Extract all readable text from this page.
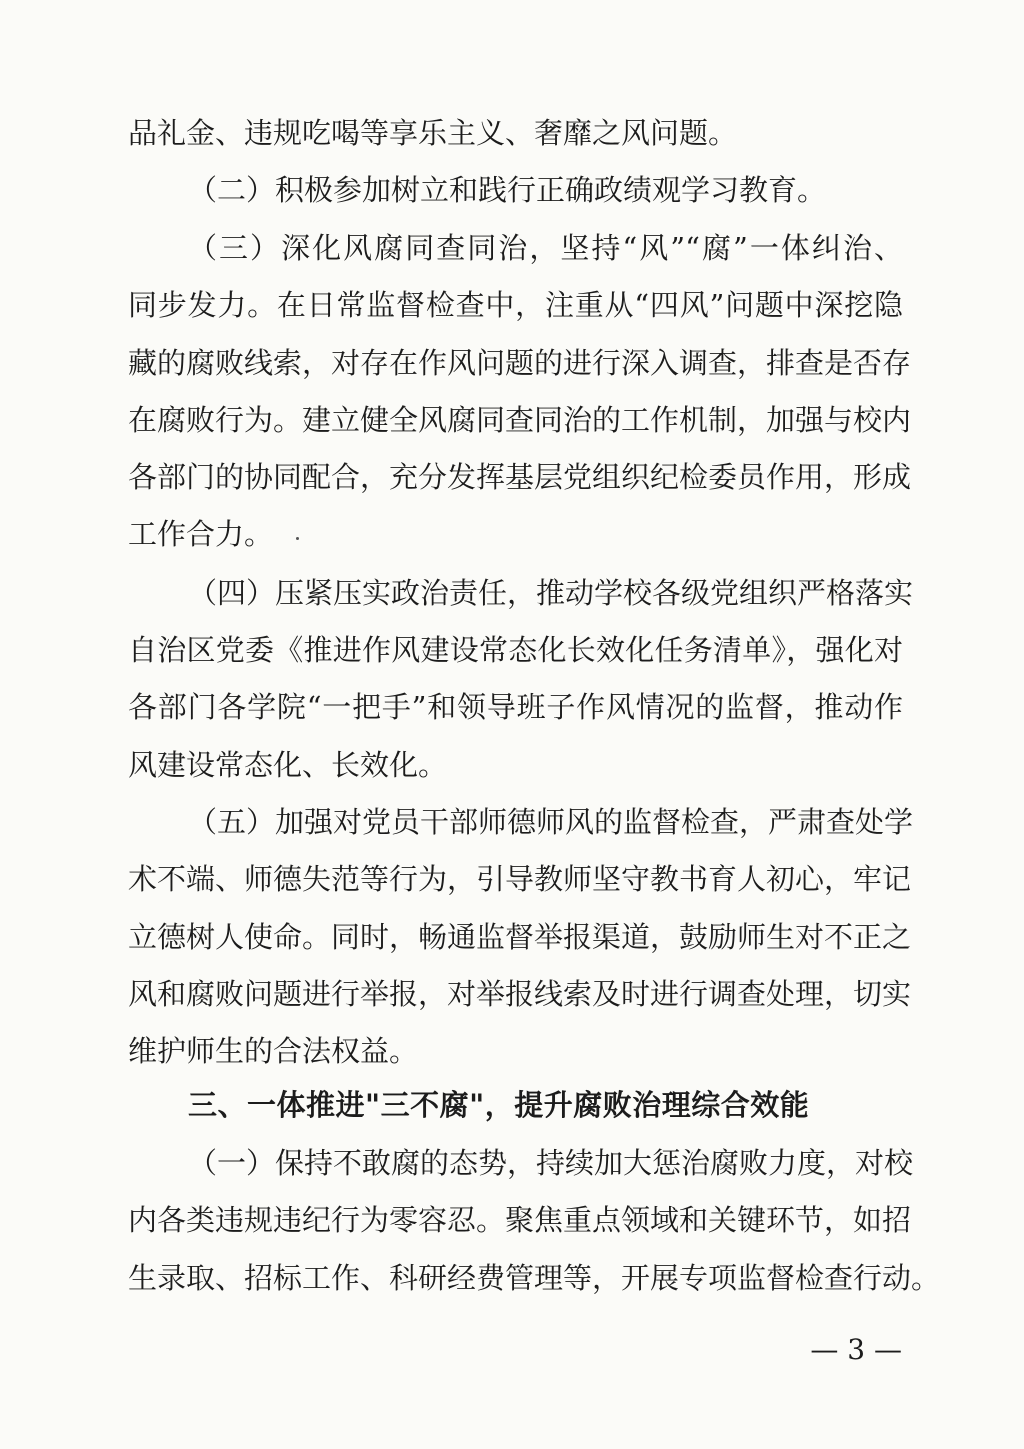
品礼金、违规吃喝等享乐主义、奢靡之风问题。
（二）积极参加树立和践行正确政绩观学习教育。
（三）深化风腐同查同治，坚持“风”“腐”一体纠治、
同步发力。在日常监督检查中，注重从“四风”问题中深挖隐
藏的腐败线索，对存在作风问题的进行深入调查，排查是否存
在腐败行为。建立健全风腐同查同治的工作机制，加强与校内
各部门的协同配合，充分发挥基层党组织纪检委员作用，形成
工作合力。
（四）压紧压实政治责任，推动学校各级党组织严格落实
自治区党委《推进作风建设常态化长效化任务清单》，强化对
各部门各学院“一把手”和领导班子作风情况的监督，推动作
风建设常态化、长效化。
（五）加强对党员干部师德师风的监督检查，严肃查处学
术不端、师德失范等行为，引导教师坚守教书育人初心，牢记
立德树人使命。同时，畅通监督举报渠道，鼓励师生对不正之
风和腐败问题进行举报，对举报线索及时进行调查处理，切实
维护师生的合法权益。
三、一体推进"三不腐"，提升腐败治理综合效能
（一）保持不敢腐的态势，持续加大惩治腐败力度，对校
内各类违规违纪行为零容忍。聚焦重点领域和关键环节，如招
生录取、招标工作、科研经费管理等，开展专项监督检查行动。
— 3 —
